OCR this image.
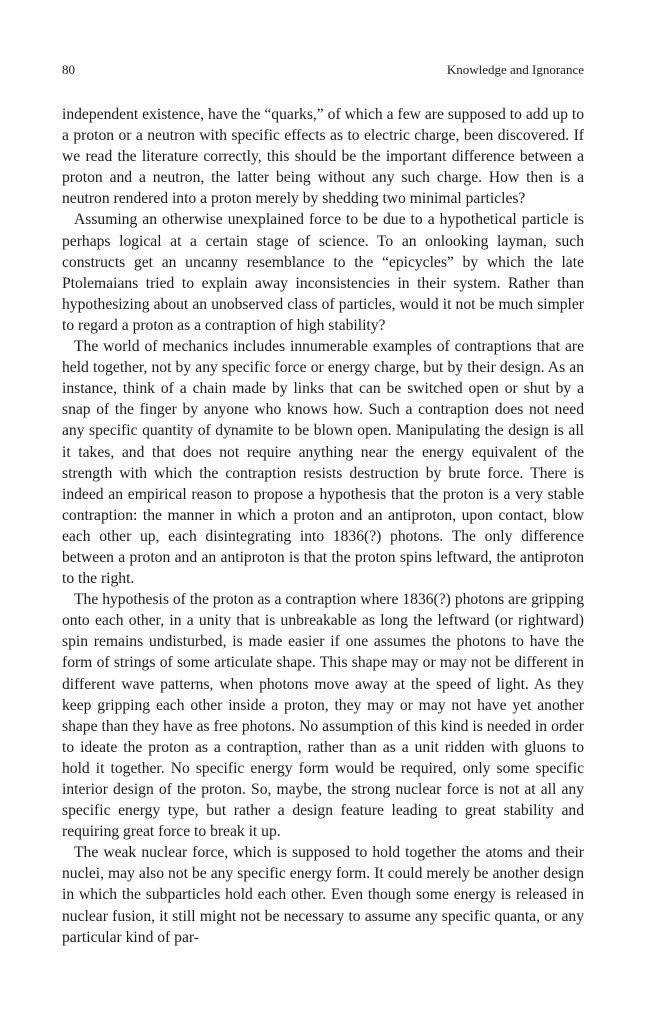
80	Knowledge and Ignorance

independent existence, have the “quarks,” of which a few are supposed to add up to a proton or a neutron with specific effects as to electric charge, been discovered. If we read the literature correctly, this should be the important difference between a proton and a neutron, the latter being without any such charge. How then is a neutron rendered into a proton merely by shedding two minimal particles?

Assuming an otherwise unexplained force to be due to a hypothetical particle is perhaps logical at a certain stage of science. To an onlooking layman, such constructs get an uncanny resemblance to the “epicycles” by which the late Ptolemaians tried to explain away inconsistencies in their system. Rather than hypothesizing about an unobserved class of particles, would it not be much simpler to regard a proton as a contraption of high stability?

The world of mechanics includes innumerable examples of contraptions that are held together, not by any specific force or energy charge, but by their design. As an instance, think of a chain made by links that can be switched open or shut by a snap of the finger by anyone who knows how. Such a contraption does not need any specific quantity of dynamite to be blown open. Manipulating the design is all it takes, and that does not require anything near the energy equivalent of the strength with which the contraption resists destruction by brute force. There is indeed an empirical reason to propose a hypothesis that the proton is a very stable contraption: the manner in which a proton and an antiproton, upon contact, blow each other up, each disintegrating into 1836(?) photons. The only difference between a proton and an antiproton is that the proton spins leftward, the antiproton to the right.

The hypothesis of the proton as a contraption where 1836(?) photons are gripping onto each other, in a unity that is unbreakable as long the leftward (or rightward) spin remains undisturbed, is made easier if one assumes the photons to have the form of strings of some articulate shape. This shape may or may not be different in different wave patterns, when photons move away at the speed of light. As they keep gripping each other inside a proton, they may or may not have yet another shape than they have as free photons. No assumption of this kind is needed in order to ideate the proton as a contraption, rather than as a unit ridden with gluons to hold it together. No specific energy form would be required, only some specific interior design of the proton. So, maybe, the strong nuclear force is not at all any specific energy type, but rather a design feature leading to great stability and requiring great force to break it up.

The weak nuclear force, which is supposed to hold together the atoms and their nuclei, may also not be any specific energy form. It could merely be another design in which the subparticles hold each other. Even though some energy is released in nuclear fusion, it still might not be necessary to assume any specific quanta, or any particular kind of par-
